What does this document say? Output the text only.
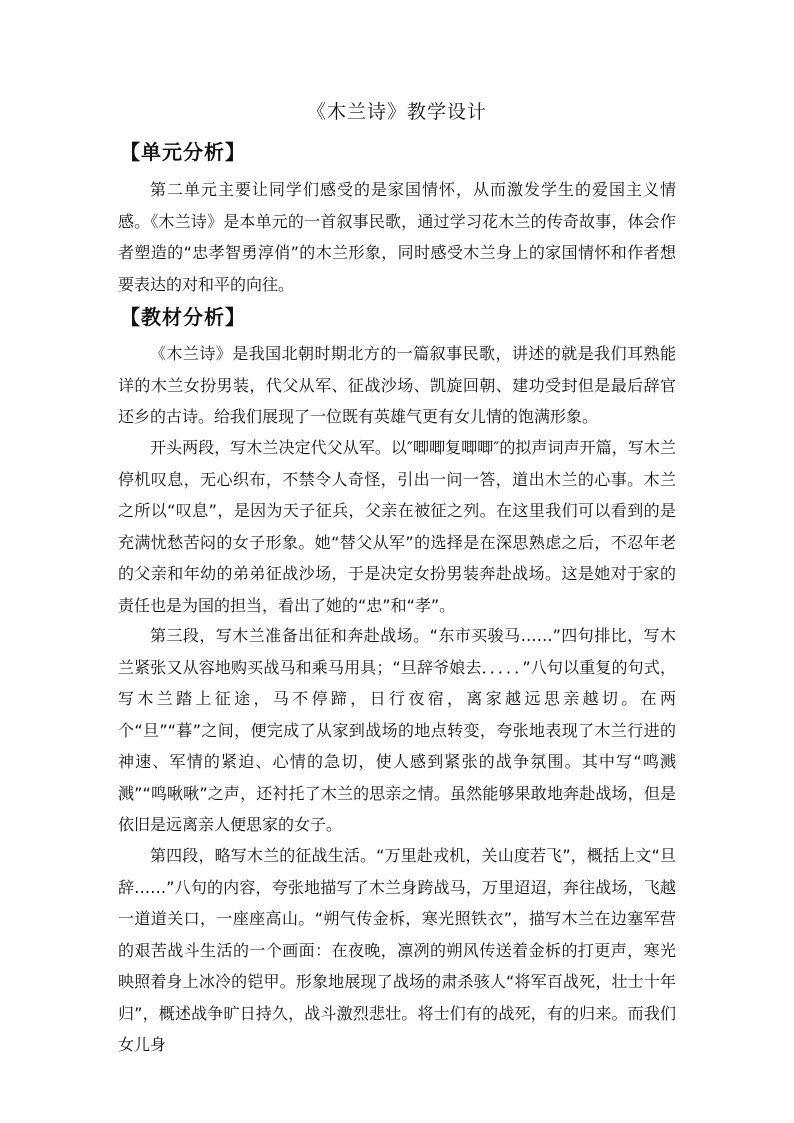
《木兰诗》教学设计
【单元分析】

第二单元主要让同学们感受的是家国情怀，从而激发学生的爱国主义情感。《木兰诗》是本单元的一首叙事民歌，通过学习花木兰的传奇故事，体会作者塑造的“忠孝智勇淳俏”的木兰形象，同时感受木兰身上的家国情怀和作者想要表达的对和平的向往。

【教材分析】

《木兰诗》是我国北朝时期北方的一篇叙事民歌，讲述的就是我们耳熟能详的木兰女扮男装，代父从军、征战沙场、凯旋回朝、建功受封但是最后辞官还乡的古诗。给我们展现了一位既有英雄气更有女儿情的饱满形象。

开头两段，写木兰决定代父从军。以″唧唧复唧唧″的拟声词声开篇，写木兰停机叹息，无心织布，不禁令人奇怪，引出一问一答，道出木兰的心事。木兰之所以“叹息”，是因为天子征兵，父亲在被征之列。在这里我们可以看到的是充满忧愁苦闷的女子形象。她“替父从军”的选择是在深思熟虑之后，不忍年老的父亲和年幼的弟弟征战沙场，于是决定女扮男装奔赴战场。这是她对于家的责任也是为国的担当，看出了她的“忠”和“孝”。

第三段，写木兰准备出征和奔赴战场。“东市买骏马……”四句排比，写木兰紧张又从容地购买战马和乘马用具；“旦辞爷娘去．．．．．”八句以重复的句式，写木兰踏上征途，马不停蹄，日行夜宿，离家越远思亲越切。在两个“旦”“暮”之间，便完成了从家到战场的地点转变，夸张地表现了木兰行进的神速、军情的紧迫、心情的急切，使人感到紧张的战争氛围。其中写“鸣溅溅”“鸣啾啾”之声，还衬托了木兰的思亲之情。虽然能够果敢地奔赴战场，但是依旧是远离亲人便思家的女子。

第四段，略写木兰的征战生活。“万里赴戎机，关山度若飞”，概括上文“旦辞……”八句的内容，夸张地描写了木兰身跨战马，万里迢迢，奔往战场，飞越一道道关口，一座座高山。“朔气传金柝，寒光照铁衣”，描写木兰在边塞军营的艰苦战斗生活的一个画面：在夜晚，凛冽的朔风传送着金柝的打更声，寒光映照着身上冰冷的铠甲。形象地展现了战场的肃杀骇人“将军百战死，壮士十年归”，概述战争旷日持久，战斗激烈悲壮。将士们有的战死，有的归来。而我们女儿身
